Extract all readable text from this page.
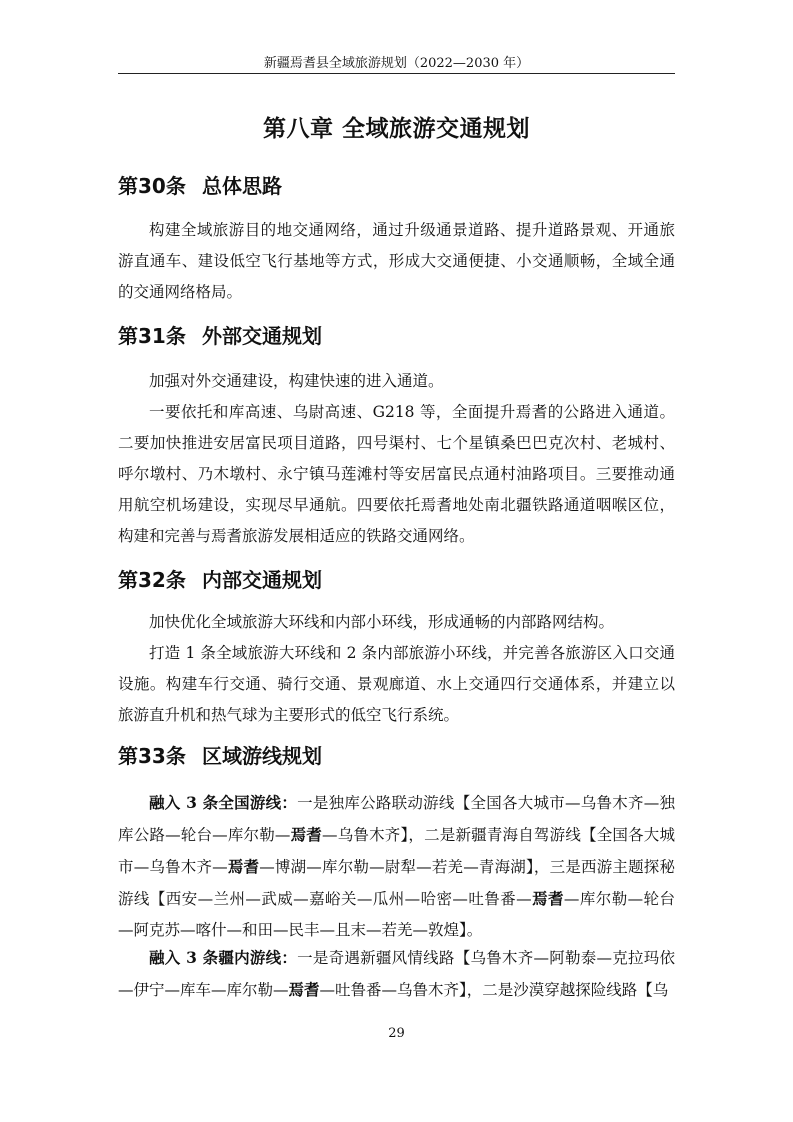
新疆焉耆县全域旅游规划（2022—2030 年）
第八章 全域旅游交通规划
第30条 总体思路

构建全域旅游目的地交通网络，通过升级通景道路、提升道路景观、开通旅游直通车、建设低空飞行基地等方式，形成大交通便捷、小交通顺畅，全域全通的交通网络格局。

第31条 外部交通规划

加强对外交通建设，构建快速的进入通道。

一要依托和库高速、乌尉高速、G218 等，全面提升焉耆的公路进入通道。二要加快推进安居富民项目道路，四号渠村、七个星镇桑巴巴克次村、老城村、呼尔墩村、乃木墩村、永宁镇马莲滩村等安居富民点通村油路项目。三要推动通用航空机场建设，实现尽早通航。四要依托焉耆地处南北疆铁路通道咽喉区位，构建和完善与焉耆旅游发展相适应的铁路交通网络。

第32条 内部交通规划

加快优化全域旅游大环线和内部小环线，形成通畅的内部路网结构。

打造 1 条全域旅游大环线和 2 条内部旅游小环线，并完善各旅游区入口交通设施。构建车行交通、骑行交通、景观廊道、水上交通四行交通体系，并建立以旅游直升机和热气球为主要形式的低空飞行系统。

第33条 区域游线规划

融入 3 条全国游线：一是独库公路联动游线【全国各大城市—乌鲁木齐—独库公路—轮台—库尔勒—焉耆—乌鲁木齐】，二是新疆青海自驾游线【全国各大城市—乌鲁木齐—焉耆—博湖—库尔勒—尉犁—若羌—青海湖】，三是西游主题探秘游线【西安—兰州—武威—嘉峪关—瓜州—哈密—吐鲁番—焉耆—库尔勒—轮台—阿克苏—喀什—和田—民丰—且末—若羌—敦煌】。

融入 3 条疆内游线：一是奇遇新疆风情线路【乌鲁木齐—阿勒泰—克拉玛依—伊宁—库车—库尔勒—焉耆—吐鲁番—乌鲁木齐】，二是沙漠穿越探险线路【乌

29
